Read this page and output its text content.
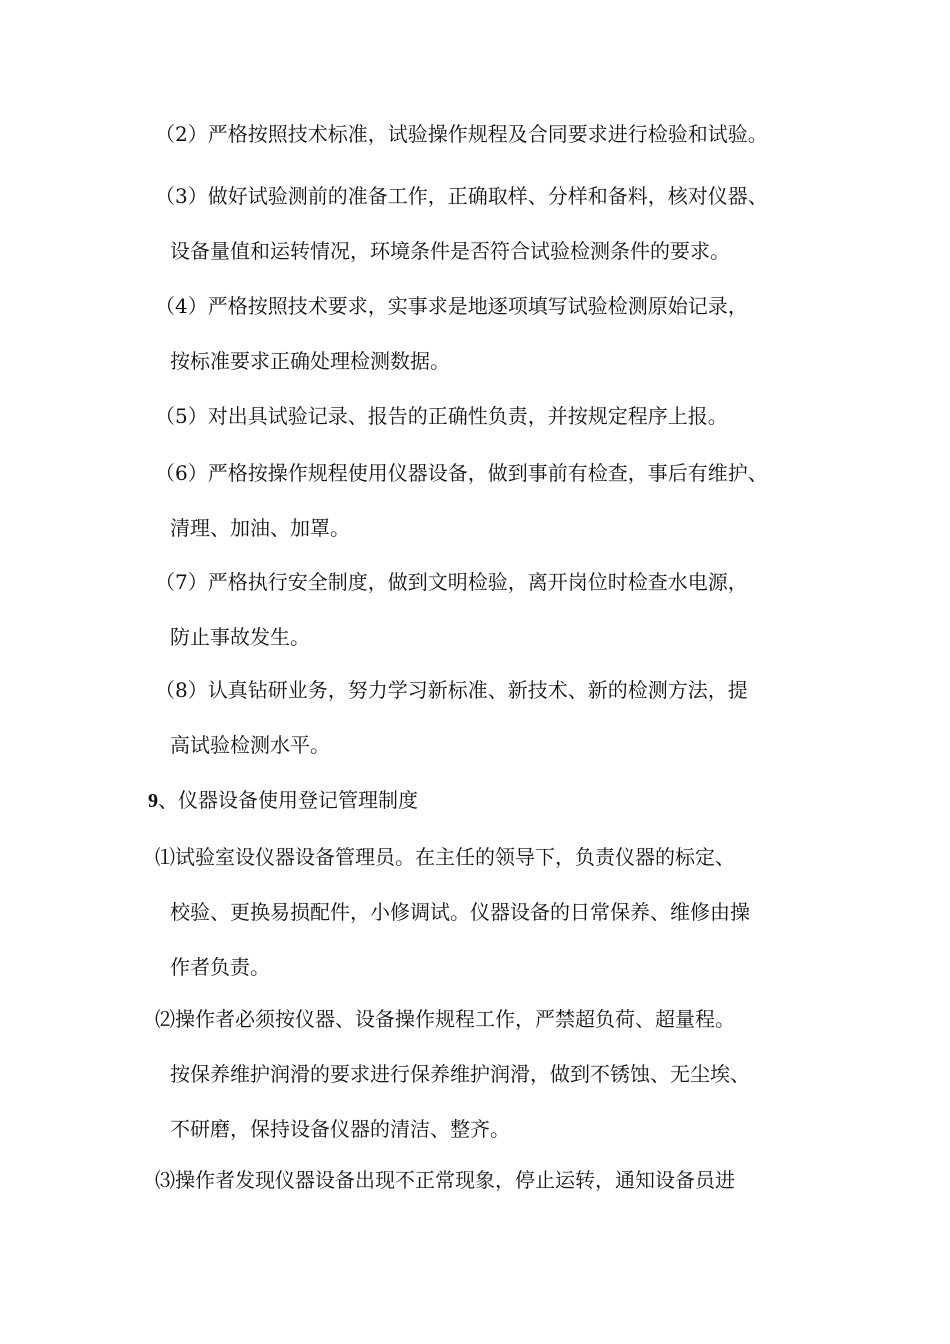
（2）严格按照技术标准，试验操作规程及合同要求进行检验和试验。
（3）做好试验测前的准备工作，正确取样、分样和备料，核对仪器、
设备量值和运转情况，环境条件是否符合试验检测条件的要求。
（4）严格按照技术要求，实事求是地逐项填写试验检测原始记录，
按标准要求正确处理检测数据。
（5）对出具试验记录、报告的正确性负责，并按规定程序上报。
（6）严格按操作规程使用仪器设备，做到事前有检查，事后有维护、
清理、加油、加罩。
（7）严格执行安全制度，做到文明检验，离开岗位时检查水电源，
防止事故发生。
（8）认真钻研业务，努力学习新标准、新技术、新的检测方法，提
高试验检测水平。
9、仪器设备使用登记管理制度
⑴试验室设仪器设备管理员。在主任的领导下，负责仪器的标定、
校验、更换易损配件，小修调试。仪器设备的日常保养、维修由操
作者负责。
⑵操作者必须按仪器、设备操作规程工作，严禁超负荷、超量程。
按保养维护润滑的要求进行保养维护润滑，做到不锈蚀、无尘埃、
不研磨，保持设备仪器的清洁、整齐。
⑶操作者发现仪器设备出现不正常现象，停止运转，通知设备员进
